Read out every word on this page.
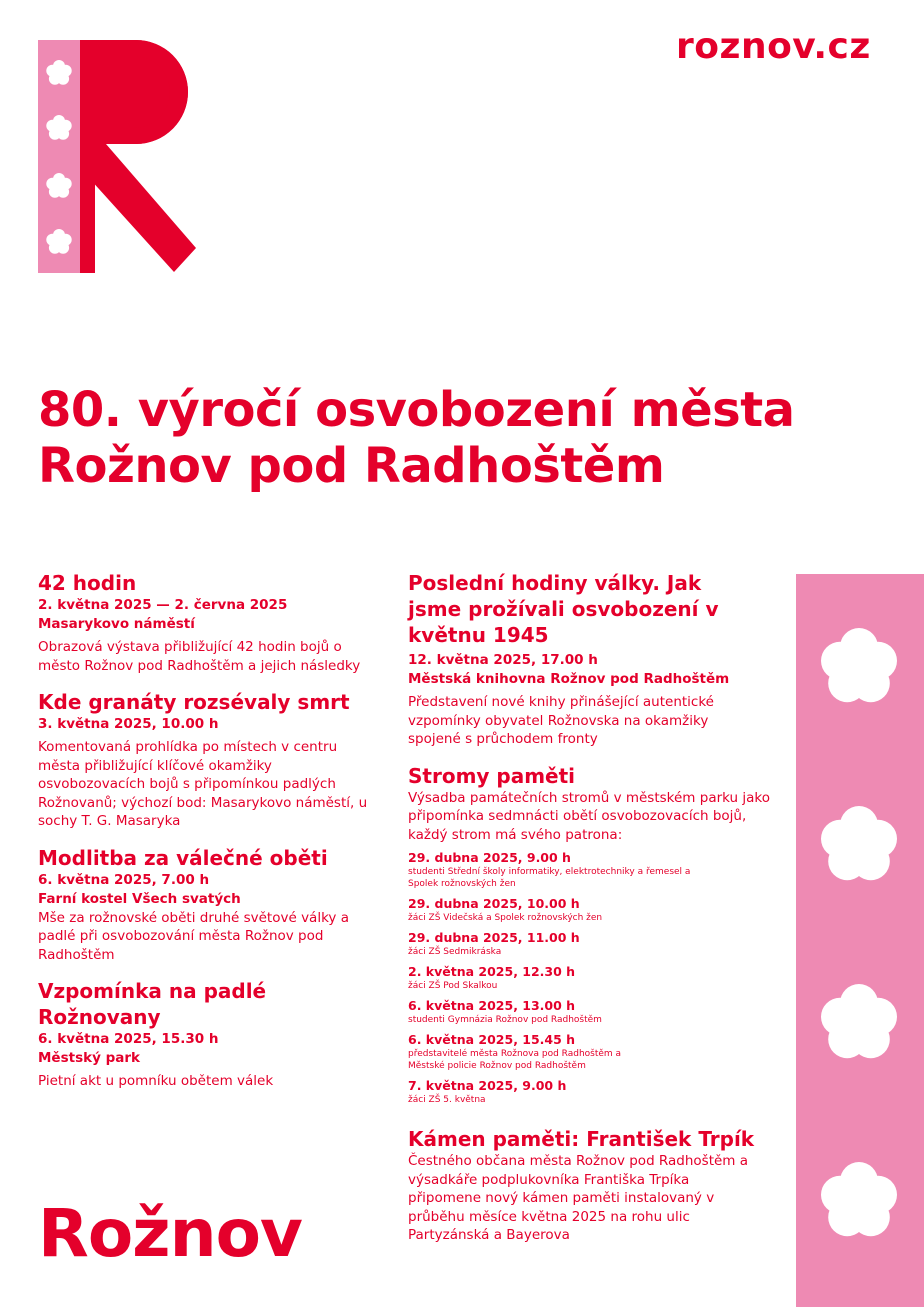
roznov.cz
80. výročí osvobození města
Rožnov pod Radhoštěm
42 hodin
2. května 2025 — 2. června 2025
Masarykovo náměstí
Obrazová výstava přibližující 42 hodin bojů o město Rožnov pod Radhoštěm a jejich následky
Kde granáty rozsévaly smrt
3. května 2025, 10.00 h
Komentovaná prohlídka po místech v centru města přibližující klíčové okamžiky osvobozovacích bojů s připomínkou padlých Rožnovanů; výchozí bod: Masarykovo náměstí, u sochy T. G. Masaryka
Modlitba za válečné oběti
6. května 2025, 7.00 h
Farní kostel Všech svatých
Mše za rožnovské oběti druhé světové války a padlé při osvobozování města Rožnov pod Radhoštěm
Vzpomínka na padlé Rožnovany
6. května 2025, 15.30 h
Městský park
Pietní akt u pomníku obětem válek
Poslední hodiny války. Jak jsme prožívali osvobození v květnu 1945
12. května 2025, 17.00 h
Městská knihovna Rožnov pod Radhoštěm
Představení nové knihy přinášející autentické vzpomínky obyvatel Rožnovska na okamžiky spojené s průchodem fronty
Stromy paměti
Výsadba památečních stromů v městském parku jako připomínka sedmnácti obětí osvobozovacích bojů, každý strom má svého patrona:
29. dubna 2025, 9.00 h
studenti Střední školy informatiky, elektrotechniky a řemesel a Spolek rožnovských žen
29. dubna 2025, 10.00 h
žáci ZŠ Videčská a Spolek rožnovských žen
29. dubna 2025, 11.00 h
žáci ZŠ Sedmikráska
2. května 2025, 12.30 h
žáci ZŠ Pod Skalkou
6. května 2025, 13.00 h
studenti Gymnázia Rožnov pod Radhoštěm
6. května 2025, 15.45 h
představitelé města Rožnova pod Radhoštěm a Městské policie Rožnov pod Radhoštěm
7. května 2025, 9.00 h
žáci ZŠ 5. května
Kámen paměti: František Trpík
Čestného občana města Rožnov pod Radhoštěm a výsadkáře podplukovníka Františka Trpíka připomene nový kámen paměti instalovaný v průběhu měsíce května 2025 na rohu ulic Partyzánská a Bayerova
Rožnov
